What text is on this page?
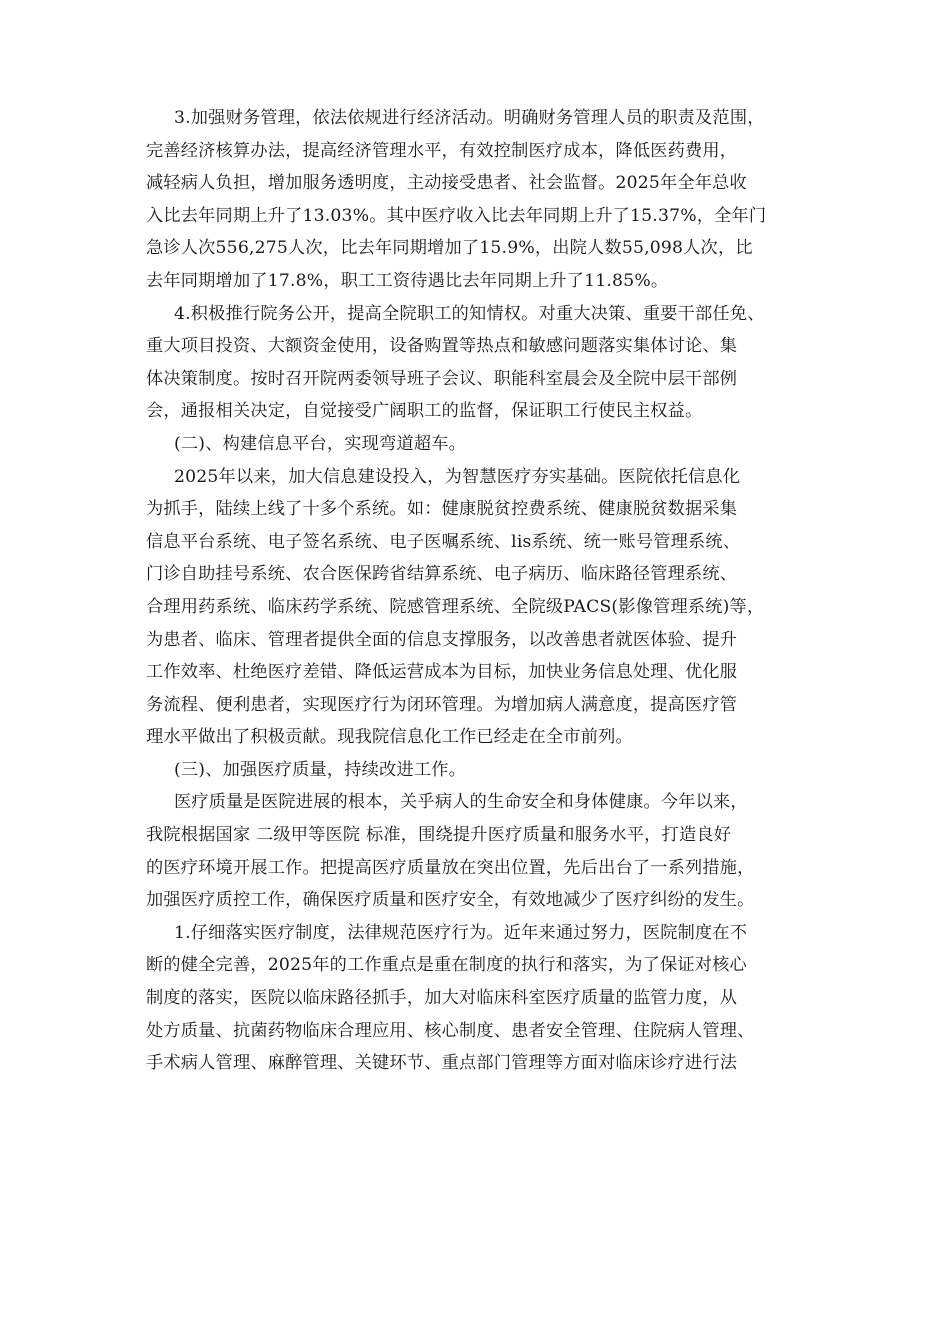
3.加强财务管理，依法依规进行经济活动。明确财务管理人员的职责及范围，
完善经济核算办法，提高经济管理水平，有效控制医疗成本，降低医药费用，
减轻病人负担，增加服务透明度，主动接受患者、社会监督。2025年全年总收
入比去年同期上升了13.03%。其中医疗收入比去年同期上升了15.37%，全年门
急诊人次556,275人次，比去年同期增加了15.9%，出院人数55,098人次，比
去年同期增加了17.8%，职工工资待遇比去年同期上升了11.85%。
4.积极推行院务公开，提高全院职工的知情权。对重大决策、重要干部任免、
重大项目投资、大额资金使用，设备购置等热点和敏感问题落实集体讨论、集
体决策制度。按时召开院两委领导班子会议、职能科室晨会及全院中层干部例
会，通报相关决定，自觉接受广阔职工的监督，保证职工行使民主权益。
(二)、构建信息平台，实现弯道超车。
2025年以来，加大信息建设投入，为智慧医疗夯实基础。医院依托信息化
为抓手，陆续上线了十多个系统。如：健康脱贫控费系统、健康脱贫数据采集
信息平台系统、电子签名系统、电子医嘱系统、lis系统、统一账号管理系统、
门诊自助挂号系统、农合医保跨省结算系统、电子病历、临床路径管理系统、
合理用药系统、临床药学系统、院感管理系统、全院级PACS(影像管理系统)等，
为患者、临床、管理者提供全面的信息支撑服务，以改善患者就医体验、提升
工作效率、杜绝医疗差错、降低运营成本为目标，加快业务信息处理、优化服
务流程、便利患者，实现医疗行为闭环管理。为增加病人满意度，提高医疗管
理水平做出了积极贡献。现我院信息化工作已经走在全市前列。
(三)、加强医疗质量，持续改进工作。
医疗质量是医院进展的根本，关乎病人的生命安全和身体健康。今年以来，
我院根据国家 二级甲等医院 标准，围绕提升医疗质量和服务水平，打造良好
的医疗环境开展工作。把提高医疗质量放在突出位置，先后出台了一系列措施，
加强医疗质控工作，确保医疗质量和医疗安全，有效地减少了医疗纠纷的发生。
1.仔细落实医疗制度，法律规范医疗行为。近年来通过努力，医院制度在不
断的健全完善，2025年的工作重点是重在制度的执行和落实，为了保证对核心
制度的落实，医院以临床路径抓手，加大对临床科室医疗质量的监管力度，从
处方质量、抗菌药物临床合理应用、核心制度、患者安全管理、住院病人管理、
手术病人管理、麻醉管理、关键环节、重点部门管理等方面对临床诊疗进行法
